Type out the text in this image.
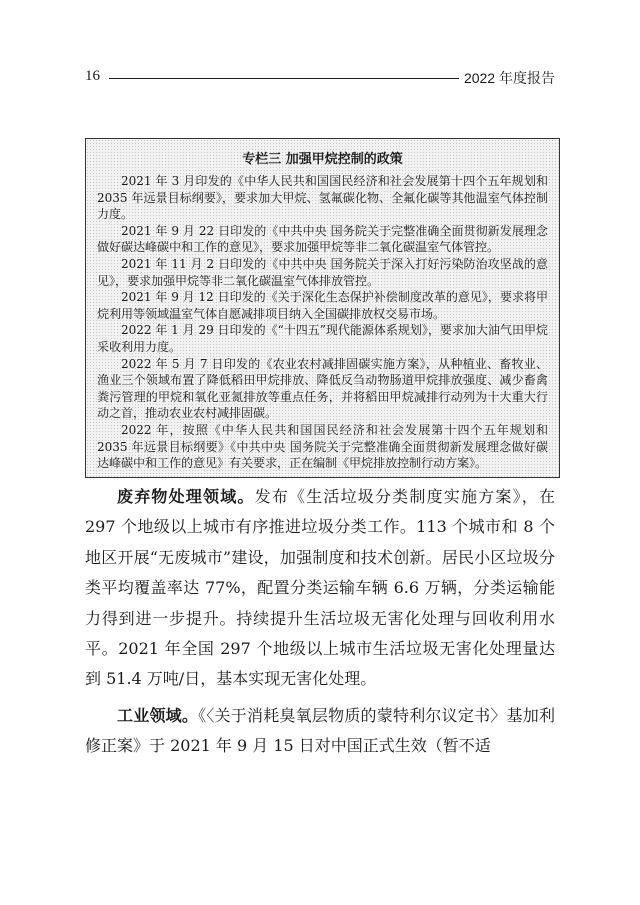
16	2022 年度报告
专栏三 加强甲烷控制的政策

2021 年 3 月印发的《中华人民共和国国民经济和社会发展第十四个五年规划和 2035 年远景目标纲要》，要求加大甲烷、氢氟碳化物、全氟化碳等其他温室气体控制力度。

2021 年 9 月 22 日印发的《中共中央 国务院关于完整准确全面贯彻新发展理念做好碳达峰碳中和工作的意见》，要求加强甲烷等非二氧化碳温室气体管控。

2021 年 11 月 2 日印发的《中共中央 国务院关于深入打好污染防治攻坚战的意见》，要求加强甲烷等非二氧化碳温室气体排放管控。

2021 年 9 月 12 日印发的《关于深化生态保护补偿制度改革的意见》，要求将甲烷利用等领域温室气体自愿减排项目纳入全国碳排放权交易市场。

2022 年 1 月 29 日印发的《“十四五”现代能源体系规划》，要求加大油气田甲烷采收利用力度。

2022 年 5 月 7 日印发的《农业农村减排固碳实施方案》，从种植业、畜牧业、渔业三个领域布置了降低稻田甲烷排放、降低反刍动物肠道甲烷排放强度、减少畜禽粪污管理的甲烷和氧化亚氮排放等重点任务，并将稻田甲烷减排行动列为十大重大行动之首，推动农业农村减排固碳。

2022 年，按照《中华人民共和国国民经济和社会发展第十四个五年规划和 2035 年远景目标纲要》《中共中央 国务院关于完整准确全面贯彻新发展理念做好碳达峰碳中和工作的意见》有关要求，正在编制《甲烷排放控制行动方案》。

废弃物处理领域。发布《生活垃圾分类制度实施方案》，在 297 个地级以上城市有序推进垃圾分类工作。113 个城市和 8 个地区开展“无废城市”建设，加强制度和技术创新。居民小区垃圾分类平均覆盖率达 77%，配置分类运输车辆 6.6 万辆，分类运输能力得到进一步提升。持续提升生活垃圾无害化处理与回收利用水平。2021 年全国 297 个地级以上城市生活垃圾无害化处理量达到 51.4 万吨/日，基本实现无害化处理。

工业领域。《〈关于消耗臭氧层物质的蒙特利尔议定书〉基加利修正案》于 2021 年 9 月 15 日对中国正式生效（暂不适
